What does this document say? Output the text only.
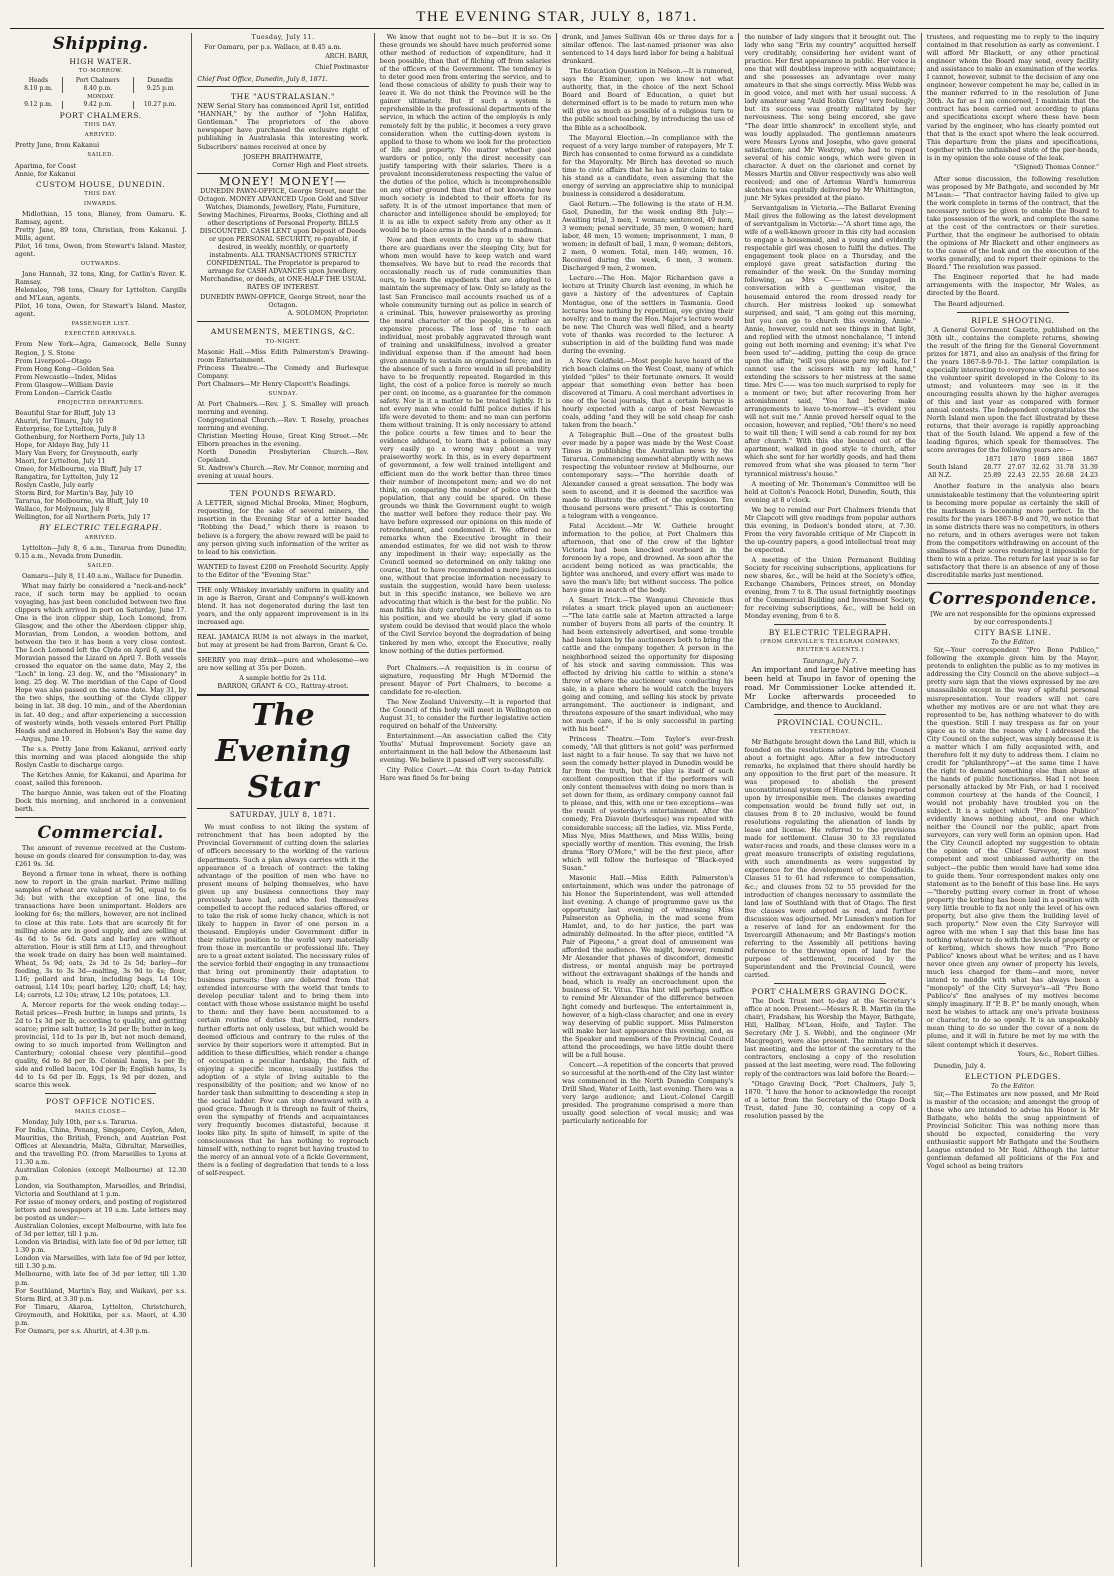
THE EVENING STAR, JULY 8, 1871.
Shipping.
HIGH WATER.
TO-MORROW.
Heads	Port Chalmers	Dunedin
8.10 p.m.	8.40 p.m.	9.25 p.m
MONDAY.		
9.12 p.m.	9.42 p.m.	10.27 p.m.
PORT CHALMERS.
THIS DAY.
ARRIVED.

Pretty Jane, from Kakanui

SAILED.

Aparima, for Coast
Annie, for Kakanui

CUSTOM HOUSE, DUNEDIN.
THIS DAY.
INWARDS.

Midlothian, 15 tons, Blaney, from Oamaru. K. Ramsay, agent.
Pretty Jane, 89 tons, Christian, from Kakanui. J. Mills, agent.
Pilot, 16 tons, Owen, from Stewart's Island. Master, agent.

OUTWARDS.

Jane Hannah, 32 tons, King, for Catlin's River. K. Ramsay.
Helenslee, 798 tons, Cleary for Lyttelton. Cargills and M'Lean, agents.
Pilot, 16 tons, Owen, for Stewart's Island. Master, agent.

PASSENGER LIST.
EXPECTED ARRIVALS.

From New York—Agra, Gamecock, Belle Sunny Region, J. S. Stone
From Liverpool—Otago
From Hong Kong—Golden Sea
From Newcastle—Index, Midas
From Glasgow—William Davie
From London—Carrick Castle

PROJECTED DEPARTURES.

Beautiful Star for Bluff, July 13
Ahuriri, for Timaru, July 10
Enterprise, for Lyttelton, July 8
Gothenburg, for Northern Ports, July 13
Hope, for Aldaye Bay, July 11
Mary Van Every, for Greymouth, early
Maori, for Lyttelton, July 11
Omeo, for Melbourne, via Bluff, July 17
Rangatira, for Lyttelton, July 12
Roslyn Castle, July early
Storm Bird, for Martin's Bay, July 10
Tararua, for Melbourne, via Bluff, July 10
Wallace, for Molyneux, July 8
Wellington, for all Northern Ports, July 17

BY ELECTRIC TELEGRAPH.
ARRIVED.

Lyttelton—July 8, 6 a.m., Tararua from Dunedin; 9.15 a.m., Nevada from Dunedin.

SAILED.

Oamaru—July 8, 11.40 a.m., Wallace for Dunedin.

What may fairly be considered a "neck-and-neck" race, if such term may be applied to ocean voyaging, has just been concluded between two fine clippers which arrived in port on Saturday, June 17. One is the iron clipper ship, Loch Lomond, from Glasgow, and the other the Aberdeen clipper ship, Moravian, from London, a wooden bottom, and between the two it has been a very close contest. The Loch Lomond left the Clyde on April 6, and the Moravian passed the Lizard on April 7. Both vessels crossed the equator on the same date, May 2, the "Loch" in long. 23 deg. W., and the "Missionary" in long. 25 deg. W. The meridian of the Cape of Good Hope was also passed on the same date. May 31, by the two ships, the southing of the Clyde clipper being in lat. 38 deg. 10 min., and of the Aberdonian in lat. 40 deg.; and after experiencing a succession of westerly winds, both vessels entered Port Phillip Heads and anchored in Hobson's Bay the same day—Argus, June 19.

The s.s. Pretty Jane from Kakanui, arrived early this morning and was placed alongside the ship Roslyn Castle to discharge cargo.

The Ketches Annie, for Kakanui, and Aparima for coast, sailed this forenoon.

The barque Annie, was taken out of the Floating Dock this morning, and anchored in a convenient berth.

Commercial.

The amount of revenue received at the Custom-house on goods cleared for consumption to-day, was £261 9s. 3d.

Beyond a firmer tone in wheat, there is nothing new to report in the grain market. Prime milling samples of wheat are valued at 5s 9d, equal to 6s 3d; but with the exception of one line, the transactions have been unimportant. Holders are looking for 6s; the millers, however, are not inclined to close at this rate. Lots that are scarcely fit for milling alone are in good supply, and are selling at 4s 6d to 5s 6d. Oats and barley are without alteration. Flour is still firm at L15, and throughout the week trade on dairy has been well maintained. Wheat, 5s 9d; oats, 2s 3d to 2s 5d; barley—for feeding, 3s to 3s 3d—malting, 3s 9d to 4s; flour, L16; pollard and bran, including bags, L4 10s; oatmeal, L14 10s; pearl barley, L20; chaff, L4; hay, L4; carrots, L2 10s; straw, L2 10s; potatoes, L3.

A. Mercer reports for the week ending today:—Retail prices—Fresh butter, in lumps and prints, 1s 2d to 1s 3d per lb, according to quality, and getting scarce; prime salt butter, 1s 2d per lb; butter in keg, provincial, 11d to 1s per lb, but not much demand, owing to so much imported from Wellington and Canterbury; colonial cheese very plentiful—good quality, 6d to 8d per lb. Colonial hams, 1s per lb; side and rolled bacon, 10d per lb; English hams, 1s 4d to 1s 6d per lb. Eggs, 1s 9d per dozen, and scarce this week.

POST OFFICE NOTICES.
MAILS CLOSE—

Monday, July 10th, per s.s. Tararua.
For India, China, Penang, Singapore, Ceylon, Aden, Mauritius, the British, French, and Austrian Post Offices at Alexandria, Malta, Gibraltar, Marseilles, and the travelling P.O. (from Marseilles to Lyons at 11.30 a.m.
Australian Colonies (except Melbourne) at 12.30 p.m.
London, via Southampton, Marseilles, and Brindisi, Victoria and Southland at 1 p.m.
For issue of money orders, and posting of registered letters and newspapers at 10 a.m. Late letters may be posted as under:—
Australian Colonies, except Melbourne, with late fee of 3d per letter, till 1 p.m.
London via Brindisi, with late fee of 9d per letter, till 1.30 p.m.
London via Marseilles, with late fee of 9d per letter, till 1.30 p.m.
Melbourne, with late fee of 3d per letter, till 1.30 p.m.
For Southland, Martin's Bay, and Waikavi, per s.s. Storm Bird, at 3.30 p.m.
For Timaru, Akaroa, Lyttelton, Christchurch, Greymouth, and Hokitika, per s.s. Maori, at 4.30 p.m.
For Oamaru, per s.s. Ahuriri, at 4.30 p.m.

Tuesday, July 11.

For Oamaru, per p.s. Wallace, at 8.45 a.m.

ARCH. BARR,
Chief Postmaster

Chief Post Office, Dunedin, July 8, 1871.

THE "AUSTRALASIAN."

NEW Serial Story has commenced April 1st, entitled "HANNAH," by the author of "John Halifax, Gentleman." The proprietors of the above newspaper have purchased the exclusive right of publishing in Australasia this interesting work. Subscribers' names received at once by

JOSEPH BRAITHWAITE,
Corner High and Fleet streets.
MONEY! MONEY!—

DUNEDIN PAWN-OFFICE, George Street, near the Octagon. MONEY ADVANCED Upon Gold and Silver Watches, Diamonds, Jewellery, Plate, Furniture, Sewing Machines, Firearms, Books, Clothing and all other descriptions of Personal Property. BILLS DISCOUNTED. CASH LENT upon Deposit of Deeds or upon PERSONAL SECURITY, re-payable, if desired, in weekly, monthly, or quarterly instalments. ALL TRANSACTIONS STRICTLY CONFIDENTIAL. The Proprietor is prepared to arrange for CASH ADVANCES upon Jewellery, Merchandise, or deeds, at ONE-HALF THE USUAL RATES OF INTEREST.

DUNEDIN PAWN-OFFICE, George Street, near the Octagon.
A. SOLOMON, Proprietor.
AMUSEMENTS, MEETINGS, &C.
TO-NIGHT.

Masonic Hall.—Miss Edith Palmerston's Drawing-room Entertainment.
Princess Theatre.—The Comedy and Burlesque Company.
Port Chalmers—Mr Henry Clapcott's Readings.

SUNDAY.

At Port Chalmers.—Rev. J. S. Smalley will preach morning and evening.
Congregational Church.—Rev. T. Roseby, preaches morning and evening.
Christian Meeting House, Great King Street.—Mr. Elborn preaches in the evening.
North Dunedin Presbyterian Church.—Rev. Copeland.
St. Andrew's Church.—Rev. Mr Connor, morning and evening at usual hours.

TEN POUNDS REWARD.

A LETTER, signed Michal Brooks, Miner, Hogburn, requesting, for the sake of several miners, the insertion in the Evening Star of a letter headed "Robbing the Dead," which there is reason to believe is a forgery, the above reward will be paid to any person giving such information of the writer as to lead to his conviction.

WANTED to Invest £200 on Freehold Security. Apply to the Editor of the "Evening Star."

THE only Whiskey invariably uniform in quality and in age is Barron, Grant and Company's well-known blend. It has not degenerated during the last ten years, and the only apparent improvement is in its increased age.

REAL JAMAICA RUM is not always in the market, but may at present be had from Barron, Grant & Co.

SHERRY you may drink—pure and wholesome—we are now selling at 35s per Dozen.

A sample bottle for 2s 11d.
BARRON, GRANT & CO., Rattray-street.
The Evening Star
SATURDAY, JULY 8, 1871.

We must confess to not liking the system of retrenchment that has been adopted by the Provincial Government of cutting down the salaries of officers necessary to the working of the various departments. Such a plan always carries with it the appearance of a breach of contract: the taking advantage of the position of men who have no present means of helping themselves, who have given up any business connections they may previously have had, and who feel themselves compelled to accept the reduced salaries offered, or to take the risk of some lucky chance, which is not likely to happen in favor of one person in a thousand. Employés under Government differ in their relative position to the world very materially from those in mercantile or professional life. They are to a great extent isolated. The necessary rules of the service forbid their engaging in any transactions that bring out prominently their adaptation to business pursuits: they are debarred from that extended intercourse with the world that tends to develop peculiar talent and to bring them into contact with those whose assistance might be useful to them: and they have been accustomed to a certain routine of duties that, fulfilled, renders further efforts not only useless, but which would be deemed officious and contrary to the rules of the service by their superiors were it attempted. But in addition to these difficulties, which render a change of occupation a peculiar hardship, the faith of enjoying a specific income, usually justifies the adoption of a style of living suitable to the responsibility of the position; and we know of no harder task than submitting to descending a step in the social ladder. Few can step downward with a good grace. Though it is through no fault of theirs, even the sympathy of friends and acquaintances very frequently becomes distasteful, because it looks like pity. In spite of himself, in spite of the consciousness that he has nothing to reproach himself with, nothing to regret but having trusted to the mercy of an annual vote of a fickle Government, there is a feeling of degradation that tends to a loss of self-respect.

We know that ought not to be—but it is so. On these grounds we should have much preferred some other method of reduction of expenditure, had it been possible, than that of filching off from salaries of the officers of the Government. The tendency is to deter good men from entering the service, and to lead those conscious of ability to push their way to leave it. We do not think the Province will be the gainer ultimately. But if such a system is reprehensible in the professional departments of the service, in which the action of the employés is only remotely felt by the public, it becomes a very grave consideration when the cutting-down system is applied to those to whom we look for the protection of life and property. No matter whether gaol warders or police, only the direst necessity can justify tampering with their salaries. There is a prevalent inconsiderateness respecting the value of the duties of the police, which is incomprehensible on any other ground than that of not knowing how much society is indebted to their efforts for its safety. It is of the utmost importance that men of character and intelligence should be employed; for it is as idle to expect safety from any other as it would be to place arms in the hands of a madman.

Now and then events do crop up to shew that there are guardians over the sleeping City, but for whom men would have to keep watch and ward themselves. We have but to read the records that occasionally reach us of rude communities than ours, to learn the expedients that are adopted to maintain the supremacy of law. Only so lately as the last San Francisco mail accounts reached us of a whole community turning out as police in search of a criminal. This, however praiseworthy as proving the moral character of the people, is rather an expensive process. The loss of time to each individual, most probably aggravated through want of training and unskilfulness, involved a greater individual expense than if the amount had been given annually to sustain an organised force; and in the absence of such a force would in all probability have to be frequently repeated. Regarded in this light, the cost of a police force is merely so much per cent. on income, as a guarantee for the common safety. Nor is it a matter to be treated lightly. It is not every man who could fulfil police duties if his life were devoted to them: and no man can perform them without training. It is only necessary to attend the police courts a few times and to hear the evidence adduced, to learn that a policeman may very easily go a wrong way about a very praiseworthy work. In this, as in every department of government, a few well trained intelligent and efficient men do the work better than three times their number of incompetent men; and we do not think, on comparing the number of police with the population, that any could be spared. On these grounds we think the Government ought to weigh the matter well before they reduce their pay. We have before expressed our opinions on this mode of retrenchment, and condemned it. We offered no remarks when the Executive brought in their amended estimates, for we did not wish to throw any impediment in their way; especially as the Council seemed so determined on only taking one course, that to have recommended a more judicious one, without that precise information necessary to sustain the suggestion, would have been useless: but in this specific instance, we believe we are advocating that which is the best for the public. No man fulfils his duty carefully who is uncertain as to his position, and we should be very glad if some system could be devised that would place the whole of the Civil Service beyond the degradation of being tinkered by men who, except the Executive, really know nothing of the duties performed.

Port Chalmers.—A requisition is in course of signature, requesting Mr Hugh M'Dermid the present Mayor of Port Chalmers, to become a candidate for re-election.

The New Zealand University.—It is reported that the Council of this body will meet in Wellington on August 31, to consider the further legislative action required on behalf of the University.

Entertainment.—An association called the City Youths' Mutual Improvement Society gave an entertainment in the hall below the Athenaeum last evening. We believe it passed off very successfully.

City Police Court.—At this Court to-day Patrick Hare was fined 5s for being

drunk, and James Sullivan 40s or three days for a similar offence. The last-named prisoner was also sentenced to 14 days hard labor for being a habitual drunkard.

The Education Question in Nelson.—It is rumored, says the Examiner, upon we know not what authority, that, in the choice of the next School Board and Board of Education, a quiet but determined effort is to be made to return men who will give as much as possible of a religious turn to the public school teaching, by introducing the use of the Bible as a schoolbook.

The Mayoral Election.—In compliance with the request of a very large number of ratepayers, Mr T. Birch has consented to come forward as a candidate for the Mayoralty. Mr Birch has devoted so much time to civic affairs that he has a fair claim to take his stand as a candidate, even assuming that the energy of serving an appreciative ship to municipal business is considered a desideratum.

Gaol Return.—The following is the state of H.M. Gaol, Dunedin, for the week ending 8th July:—Awaiting trial, 3 men, 1 woman; sentenced, 49 men, 3 women; penal servitude, 35 men, 0 women; hard labor, 48 men, 15 women; imprisonment, 1 man, 0 women; in default of bail, 1 man, 0 woman; debtors, 2 men, 0 women. Total, men 140; women, 16. Received during the week, 6 men, 3 women. Discharged 9 men, 2 women.

Lecture.—The Hon. Major Richardson gave a lecture at Trinity Church last evening, in which he gave a history of the adventures of Captain Montague, one of the settlers in Tasmania. Good lectures lose nothing by repetition, eye giving their novelty; and to many the Hon. Major's lecture would be new. The Church was well filled, and a hearty vote of thanks was recorded to the lecturer. A subscription in aid of the building fund was made during the evening.

A New Goldfield.—Most people have heard of the rich beach claims on the West Coast, many of which yielded "piles" to their fortunate owners. It would appear that something even better has been discovered at Timaru. A coal merchant advertises in one of the local journals, that a certain barque is hourly expected with a cargo of best Newcastle coals, adding "and they will be sold cheap for cash taken from the beach."

A Telegraphic Bull.—One of the greatest bulls ever made by a paper was made by the West Coast Times in publishing the Australian news by the Tararua. Commencing somewhat abruptly with news respecting the volunteer review at Melbourne, our contemporary says:—"The horrible death of Alexander caused a great sensation. The body was seen to ascend, and it is deemed the sacrifice was made to illustrate the effect of the explosion. Ten thousand persons were present." This is contorting a telegram with a vengeance.

Fatal Accident.—Mr W. Guthrie brought information to the police, at Port Chalmers this afternoon, that one of the crew of the lighter Victoria had been knocked overboard in the forenoon by a rope, and drowned. As soon after the accident being noticed as was practicable, the lighter was anchored, and every effort was made to save the man's life; but without success. The police have gone in search of the body.

A Smart Trick.—The Wanganui Chronicle thus relates a smart trick played upon an auctioneer:—"The late cattle sale at Marton attracted a large number of buyers from all parts of the country. It had been extensively advertised, and some trouble had been taken by the auctioneers both to bring the cattle and the company together. A person in the neighborhood seized the opportunity for disposing of his stock and saving commission. This was effected by driving his cattle to within a stone's throw of where the auctioneer was conducting his sale, in a place where he would catch the buyers going and coming, and selling his stock by private arrangement. The auctioneer is indignant, and threatens exposure of the smart individual, who may not much care, if he is only successful in parting with his beef."

Princess Theatre.—Tom Taylor's ever-fresh comedy, "All that glitters is not gold" was performed last night to a fair house. To say that we have not seen the comedy better played in Dunedin would be far from the truth, but the play is itself of such excellent composition that if the performers will only content themselves with doing no more than is set down for them, as ordinary company cannot fail to please, and this, with one or two exceptions—was the result of yesterday's entertainment. After the comedy, Fra Diavolo (burlesque) was repeated with considerable success; all the ladies, viz. Miss Forde, Miss Nye, Miss Matthews, and Miss Willis, being specially worthy of mention. This evening, the Irish drama "Rory O'More," will be the first piece, after which will follow the burlesque of "Black-eyed Susan."

Masonic Hall.—Miss Edith Palmerston's entertainment, which was under the patronage of his Honor the Superintendent, was well attended last evening. A change of programme gave us the opportunity last evening of witnessing Miss Palmerston as Ophelia, in the mad scene from Hamlet, and, to do her justice, the part was admirably delineated. In the after piece, entitled "A Pair of Pigeons," a great deal of amusement was afforded the audience. We might, however, remind Mr Alexander that phases of discomfort, domestic distress, or mental anguish may be portrayed without the extravagant shakings of the hands and head, which is really an encroachment upon the business of St. Vitus. This hint will perhaps suffice to remind Mr Alexander of the difference between light comedy and burlesque. The entertainment is, however, of a high-class character, and one in every way deserving of public support. Miss Palmerston will make her last appearance this evening, and, as the Speaker and members of the Provincial Council attend the proceedings, we have little doubt there will be a full house.

Concert.—A repetition of the concerts that proved so successful at the north-end of the City last winter was commenced in the North Dunedin Company's Drill Shed, Water of Leith, last evening. There was a very large audience; and Lieut.-Colonel Cargill presided. The programme comprised a more than usually good selection of vocal music; and was particularly noticeable for

the number of lady singers that it brought out. The lady who sang "Erin my country" acquitted herself very creditably, considering her evident want of practice. Her first appearance in public. Her voice is one that will doubtless improve with acquaintance; and she possesses an advantage over many amateurs in that she sings correctly. Miss Webb was in good voice, and met with her usual success. A lady amateur sang "Auld Robin Gray" very feelingly; but its success was greatly militated by her nervousness. The song being encored, she gave "The dear little shamrock" in excellent style, and was loudly applauded. The gentleman amateurs were Messrs Lyons and Josephs, who gave general satisfaction; and Mr Westrop, who had to repeat several of his comic songs, which were given in character. A duet on the clarionet and cornet by Messrs Martin and Oliver respectively was also well received; and one of Artemus Ward's humorous sketches was capitally delivered by Mr Whittington, junr. Mr Sykes presided at the piano.

Servantgalism in Victoria.—The Ballarat Evening Mail gives the following as the latest development of servantgalism in Victoria:—"A short time ago, the wife of a well-known grocer in this city had occasion to engage a housemaid, and a young and evidently respectable girl was chosen to fulfil the duties. The engagement took place on a Thursday, and the employé gave great satisfaction during the remainder of the week. On the Sunday morning following, as Mrs C—— was engaged in conversation with a gentleman visitor, the housemaid entered the room dressed ready for church. Her mistress looked up somewhat surprised, and said, "I am going out this morning, but you can go to church this evening, Annie." Annie, however, could not see things in that light, and replied with the utmost nonchalance, "I intend going out both morning and evening; it's what I've been used to"—adding, putting the coup de grace upon the affair, "will you please pare my nails, for I cannot use the scissors with my left hand," extending the scissors to her mistress at the same time. Mrs C—— was too much surprised to reply for a moment or two; but after recovering from her astonishment said, "You had better make arrangements to leave to-morrow—it's evident you will not suit me." Annie proved herself equal to the occasion, however, and replied, "Oh! there's no need to wait till then; I will send a cab round for my box after church." With this she bounced out of the apartment, walked in good style to church, after which she sent for her worldly goods, and had them removed from what she was pleased to term "her tyrannical mistress's house."

A meeting of Mr. Thoneman's Committee will be held at Colton's Peacock Hotel, Dunedin, South, this evening at 8 o'clock.

We beg to remind our Port Chalmers friends that Mr Clapcott will give readings from popular authors this evening, in Dodson's bonded store, at 7.30. From the very favorable critique of Mr Clapcott in the up-country papers, a good intellectual treat may be expected.

A meeting of the Union Permanent Building Society for receiving subscriptions, applications for new shares, &c., will be held at the Society's office, Exchange Chambers, Princes street, on Monday evening, from 7 to 8. The usual fortnightly meetings of the Commercial Building and Investment Society, for receiving subscriptions, &c., will be held on Monday evening, from 6 to 8.

BY ELECTRIC TELEGRAPH.
(FROM GREVILLE'S TELEGRAM COMPANY, REUTER'S AGENTS.)
Tauranga, July 7.

An important and large Native meeting has been held at Taupo in favor of opening the road. Mr Commissioner Locke attended it. Mr Locke afterwards proceeded to Cambridge, and thence to Auckland.

PROVINCIAL COUNCIL.
YESTERDAY.

Mr Bathgate brought down the Land Bill, which is founded on the resolutions adopted by the Council about a fortnight ago. After a few introductory remarks, he explained that there should hardly be any opposition to the first part of the measure. It was proposed to abolish the present unconstitutional system of Hundreds being reported upon by irresponsible men. The clauses awarding compensation would be found fully set out, in clauses from 8 to 29 inclusive, would be found resolutions regulating the alienation of lands by lease and license. He referred to the provisions made for settlement. Clause 30 to 33 regulated water-races and roads, and these clauses were in a great measure transcripts of existing regulations, with such amendments as were suggested by experience for the development of the Goldfields. Clauses 51 to 61 had reference to compensation, &c.; and clauses from 52 to 55 provided for the introduction of changes necessary to assimilate the land law of Southland with that of Otago. The first five clauses were adopted as read, and further discussion was adjourned. Mr Lumsden's motion for a reserve of land for an endowment for the Invercargill Athenaeum; and Mr Bastings's motion referring to the Assembly all petitions having reference to the throwing open of land for the purpose of settlement, received by the Superintendent and the Provincial Council, were carried.

PORT CHALMERS GRAVING DOCK.

The Dock Trust met to-day at the Secretary's office at noon. Present:—Messrs R. B. Martin (in the chair), Fradshaw, his Worship the Mayor, Bathgate, Hill, Hallbay, M'Lean, Hoife, and Taylor. The Secretary (Mr J. S. Webb), and the engineer (Mr Macgregor), were also present. The minutes of the last meeting, and the letter of the secretary to the contractors, enclosing a copy of the resolution passed at the last meeting, were read. The following reply of the contractors was laid before the Board:—

"Otago Graving Dock, "Port Chalmers, July 5, 1870. "I have the honor to acknowledge the receipt of a letter from the Secretary of the Otago Dock Trust, dated June 30, containing a copy of a resolution passed by the

trustees, and requesting me to reply to the inquiry contained in that resolution as early as convenient. I will afford Mr Blackett, or any other practical engineer whom the Board may send, every facility and assistance to make an examination of the works. I cannot, however, submit to the decision of any one engineer, however competent he may be, called in in the manner referred to in the resolution of June 30th. As far as I am concerned, I maintain that the contract has been carried out according to plans and specifications except where these have been varied by the engineer, who has clearly pointed out that that is the exact spot where the leak occurred. This departure from the plans and specifications, together with the unfinished state of the pier-heads, is in my opinion the sole cause of the leak.

"(Signed) Thomas Connor."

After some discussion, the following resolution was proposed by Mr Bathgate, and seconded by Mr M'Lean:— "That contractor having failed to give up the work complete in terms of the contract, that the necessary notices be given to enable the Board to take possession of the work, and complete the same at the cost of the contractors or their sureties. Further, that the engineer be authorised to obtain the opinions of Mr Blackett and other engineers as to the cause of the leak and on the execution of the works generally, and to report their opinions to the Board." The resolution was passed.

The Engineer reported that he had made arrangements with the inspector, Mr Wales, as directed by the Board.

The Board adjourned.

RIFLE SHOOTING.

A General Government Gazette, published on the 30th ult., contains the complete returns, showing the result of the firing for the General Government prizes for 1871, and also an analysis of the firing for the years 1867-8-9-70-1. The latter compilation is especially interesting to everyone who desires to see the volunteer spirit developed in the Colony to its utmost; and volunteers may see in it the encouraging results shown by the higher averages of this and last year as compared with former annual contests. The Independent congratulates the North Island men upon the fact illustrated by these returns, that their average is rapidly approaching that of the South Island. We append a few of the leading figures, which speak for themselves. The score averages for the following years are:—

	1871	1870	1869	1868	1867
South Island	28.77	27.07	32.62	31.78	31.39
All N.Z.	25.89	22.43	22.55	26.68	24.23

Another feature in the analysis also bears unmistakeable testimony that the volunteering spirit is becoming more popular as certainly the skill of the marksmen is becoming more perfect. In the results for the years 1867-8-9 and 70, we notice that in some districts there was no competitors, in others no return, and in others averages were not taken from the competitors withdrawing on account of the smallness of their scores rendering it impossible for them to win a prize. The return for last year is so far satisfactory that there is an absence of any of those discreditable marks just mentioned.

Correspondence.

[We are not responsible for the opinions expressed by our correspondents.]

CITY BASE LINE.
To the Editor.

Sir,—Your correspondent "Pro Bono Publico," following the example given him by the Mayor, pretends to enlighten the public as to my motives in addressing the City Council on the above subject—a pretty sure sign that the views expressed by me are unassailable except in the way of spiteful personal misrepresentation. Your readers will not care whether my motives are or are not what they are represented to be, has nothing whatever to do with the question. Still I may trespass as far on your space as to state the reason why I addressed the City Council on the subject, was simply because it is a matter which I am fully acquainted with, and therefore felt it my duty to address them. I claim no credit for "philanthropy"—at the same time I have the right to demand something else than abuse at the hands of public functionaries. Had I not been personally attacked by Mr Fish, or had I received common courtesy at the hands of the Council, I would not probably have troubled you on the subject. It is a subject which "Pro Bono Publico" evidently knows nothing about, and one which neither the Council nor the public, apart from surveyors, can very well form an opinion upon. Had the City Council adopted my suggestion to obtain the opinion of the Chief Surveyor, the most competent and most unbiassed authority on the subject—the public then would have had some idea to guide them. Your correspondent makes only one statement as to the benefit of this base line. He says—"thereby putting every corner in front of whose property the kerbing has been laid in a position with very little trouble to fix not only the level of his own property, but also give them the building level of such property." Now even the City Surveyor will agree with me when I say that this base line has nothing whatever to do with the levels of property or of kerbing, which shows how much "Pro Bono Publico" knows about what he writes; and as I have never once given any owner of property his levels, much less charged for them—and more, never intend to meddle with what has always been a "monopoly" of the City Surveyor's—all "Pro Bono Publico's" fine analyses of my motives become simply imaginary. If "P. B. P." be manly enough, when next he wishes to attack any one's private business or character, to do so openly. It is an unspeakably mean thing to do so under the cover of a nom de plume, and it will in future be met by me with the silent contempt which it deserves.

Yours, &c., Robert Gillies.

Dunedin, July 4.

ELECTION PLEDGES.
To the Editor.

Sir,—The Estimates are now passed, and Mr Reid is master of the occasion; and amongst the group of those who are intended to advise his Honor is Mr Bathgate, who holds the snug appointment of Provincial Solicitor. This was nothing more than should be expected, considering the very enthusiastic support Mr Bathgate and the Southern League extended to Mr Reid. Although the latter gentleman defamed all politicians of the Fox and Vogel school as being traitors
